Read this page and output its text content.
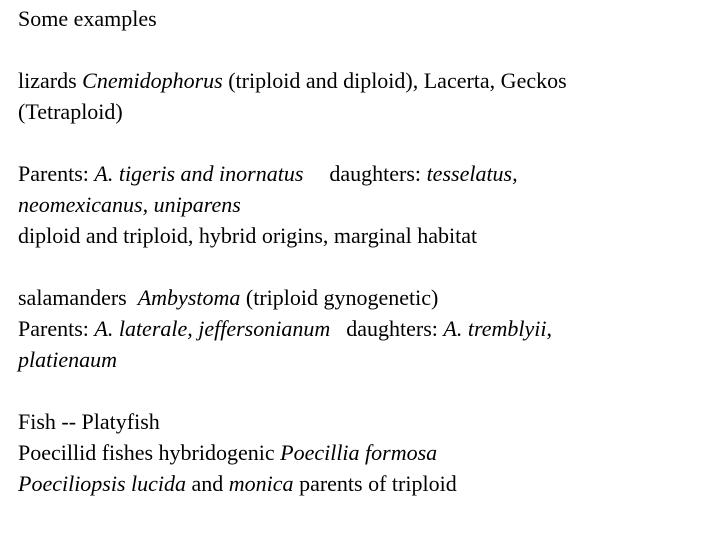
Some examples
lizards Cnemidophorus (triploid and diploid), Lacerta, Geckos
(Tetraploid)
Parents: A. tigeris and inornatus daughters: tesselatus,
neomexicanus, uniparens
diploid and triploid, hybrid origins, marginal habitat
salamanders  Ambystoma (triploid gynogenetic)
Parents: A. laterale, jeffersonianum daughters: A. tremblyii,
platienaum
Fish -- Platyfish
Poecillid fishes hybridogenic Poecillia formosa
Poeciliopsis lucida and monica parents of triploid
